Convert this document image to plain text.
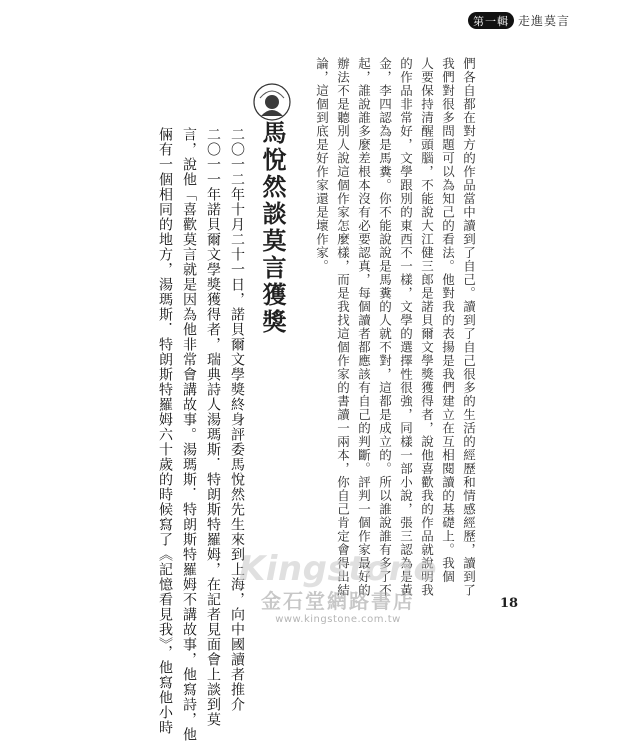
第一輯 走進莫言
們各自都在對方的作品當中讀到了自己。讀到了自己很多的生活的經歷和情感經歷，讀到了
我們對很多問題可以為知己的看法。他對我的表揚是我們建立在互相閱讀的基礎上。我個
人要保持清醒頭腦，不能說大江健三郎是諾貝爾文學獎獲得者，說他喜歡我的作品就說明我
的作品非常好，文學跟別的東西不一樣，文學的選擇性很強，同樣一部小說，張三認為是黃
金，李四認為是馬糞。你不能說說是馬糞的人就不對，這都是成立的。所以誰說誰有多了不
起，誰說誰多麼差根本沒有必要認真，每個讀者都應該有自己的判斷。評判一個作家最好的
辦法不是聽別人說這個作家怎麼樣，而是我找這個作家的書讀一兩本，你自己肯定會得出結
論，這個到底是好作家還是壞作家。
馬悅然談莫言獲獎
二〇一二年十月二十一日，諾貝爾文學獎終身評委馬悅然先生來到上海，向中國讀者推介
二〇一一年諾貝爾文學獎獲得者，瑞典詩人湯瑪斯．特朗斯特羅姆，在記者見面會上談到莫
言，說他「喜歡莫言就是因為他非常會講故事。湯瑪斯．特朗斯特羅姆不講故事，他寫詩，他
倆有一個相同的地方，湯瑪斯．特朗斯特羅姆六十歲的時候寫了《記憶看見我》，他寫他小時	18
Kingstone
金石堂網路書店
www.kingstone.com.tw
